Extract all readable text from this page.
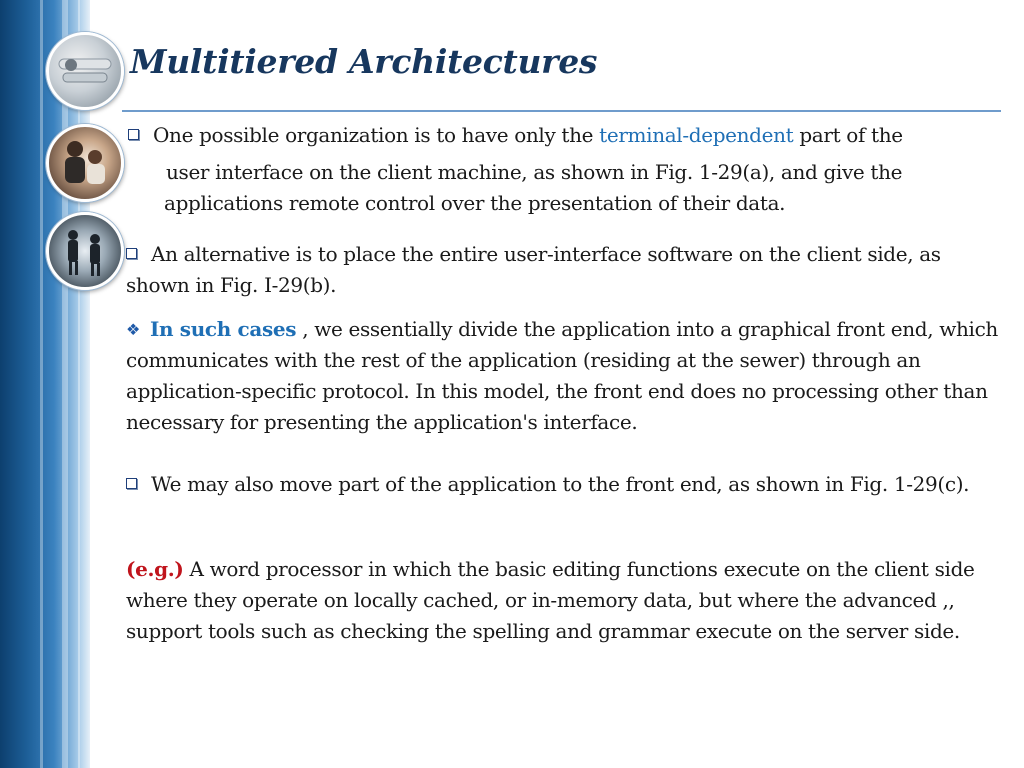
Multitiered Architectures

One possible organization is to have only the terminal-dependent part of the
user interface on the client machine, as shown in Fig. 1-29(a), and give the
applications remote control over the presentation of their data.

An alternative is to place the entire user-interface software on the client side, as shown in Fig. I-29(b).

❖ In such cases , we essentially divide the application into a graphical front end, which communicates with the rest of the application (residing at the sewer) through an application-specific protocol. In this model, the front end does no processing other than necessary for presenting the application's interface.

We may also move part of the application to the front end, as shown in Fig. 1-29(c).

(e.g.) A word processor in which the basic editing functions execute on the client side where they operate on locally cached, or in-memory data, but where the advanced ,, support tools such as checking the spelling and grammar execute on the server side.
